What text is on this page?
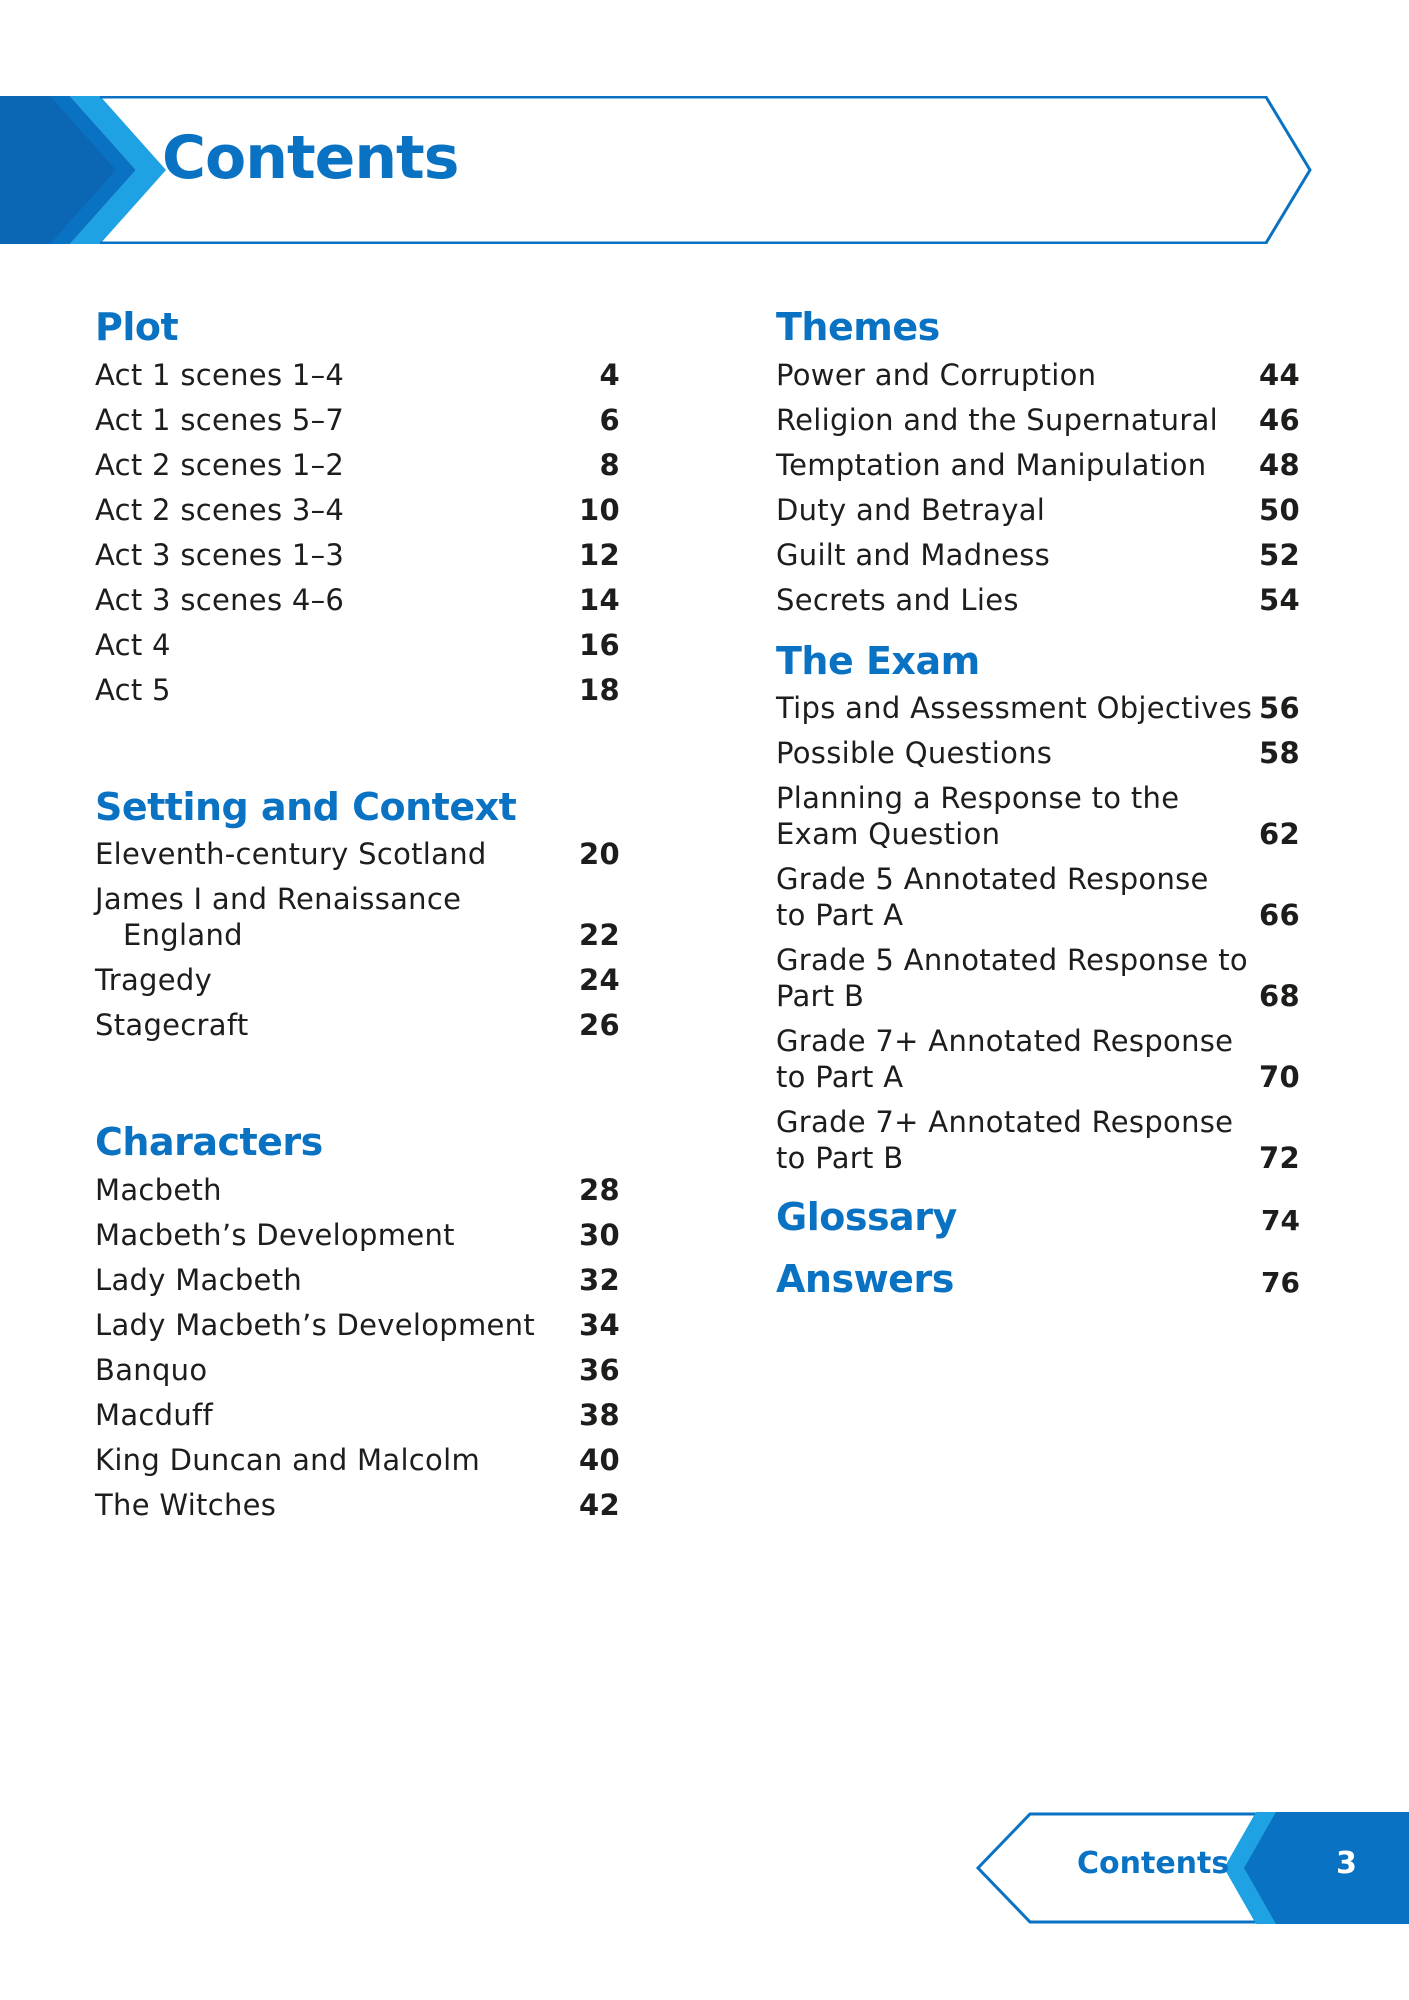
Contents
Plot
Act 1 scenes 1–4	4
Act 1 scenes 5–7	6
Act 2 scenes 1–2	8
Act 2 scenes 3–4	10
Act 3 scenes 1–3	12
Act 3 scenes 4–6	14
Act 4	16
Act 5	18
Setting and Context
Eleventh-century Scotland	20
James I and Renaissance
England	22
Tragedy	24
Stagecraft	26
Characters
Macbeth	28
Macbeth’s Development	30
Lady Macbeth	32
Lady Macbeth’s Development	34
Banquo	36
Macduff	38
King Duncan and Malcolm	40
The Witches	42
Themes
Power and Corruption	44
Religion and the Supernatural	46
Temptation and Manipulation	48
Duty and Betrayal	50
Guilt and Madness	52
Secrets and Lies	54
The Exam
Tips and Assessment Objectives 56
Possible Questions	58
Planning a Response to the
Exam Question	62
Grade 5 Annotated Response
to Part A	66
Grade 5 Annotated Response to
Part B	68
Grade 7+ Annotated Response
to Part A	70
Grade 7+ Annotated Response
to Part B	72
Glossary	74
Answers	76
Contents	3
